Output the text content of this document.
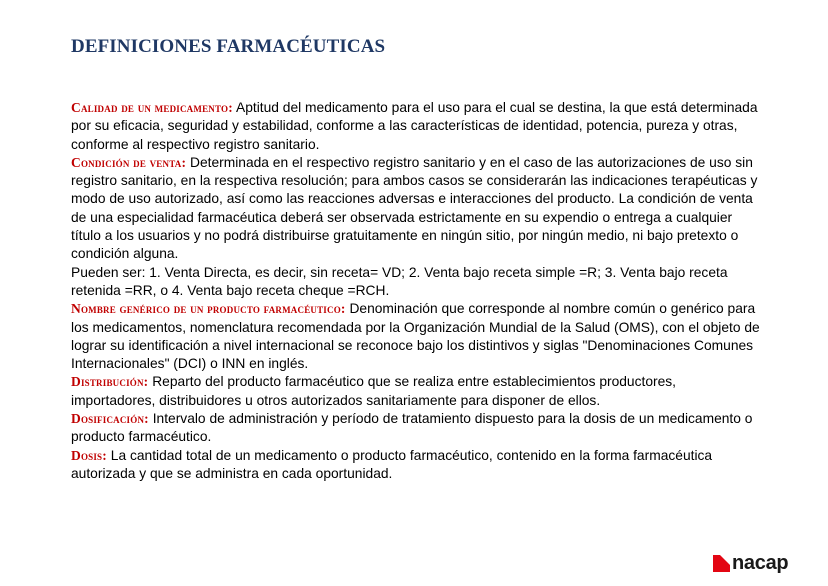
DEFINICIONES FARMACÉUTICAS

Calidad de un medicamento: Aptitud del medicamento para el uso para el cual se destina, la que está determinada por su eficacia, seguridad y estabilidad, conforme a las características de identidad, potencia, pureza y otras, conforme al respectivo registro sanitario.

Condición de venta: Determinada en el respectivo registro sanitario y en el caso de las autorizaciones de uso sin registro sanitario, en la respectiva resolución; para ambos casos se considerarán las indicaciones terapéuticas y modo de uso autorizado, así como las reacciones adversas e interacciones del producto. La condición de venta de una especialidad farmacéutica deberá ser observada estrictamente en su expendio o entrega a cualquier título a los usuarios y no podrá distribuirse gratuitamente en ningún sitio, por ningún medio, ni bajo pretexto o condición alguna.

Pueden ser: 1. Venta Directa, es decir, sin receta= VD; 2. Venta bajo receta simple =R; 3. Venta bajo receta retenida =RR, o 4. Venta bajo receta cheque =RCH.

Nombre genérico de un producto farmacéutico: Denominación que corresponde al nombre común o genérico para los medicamentos, nomenclatura recomendada por la Organización Mundial de la Salud (OMS), con el objeto de lograr su identificación a nivel internacional se reconoce bajo los distintivos y siglas "Denominaciones Comunes Internacionales" (DCI) o INN en inglés.

Distribución: Reparto del producto farmacéutico que se realiza entre establecimientos productores, importadores, distribuidores u otros autorizados sanitariamente para disponer de ellos.

Dosificación: Intervalo de administración y período de tratamiento dispuesto para la dosis de un medicamento o producto farmacéutico.

Dosis: La cantidad total de un medicamento o producto farmacéutico, contenido en la forma farmacéutica autorizada y que se administra en cada oportunidad.

nacap
